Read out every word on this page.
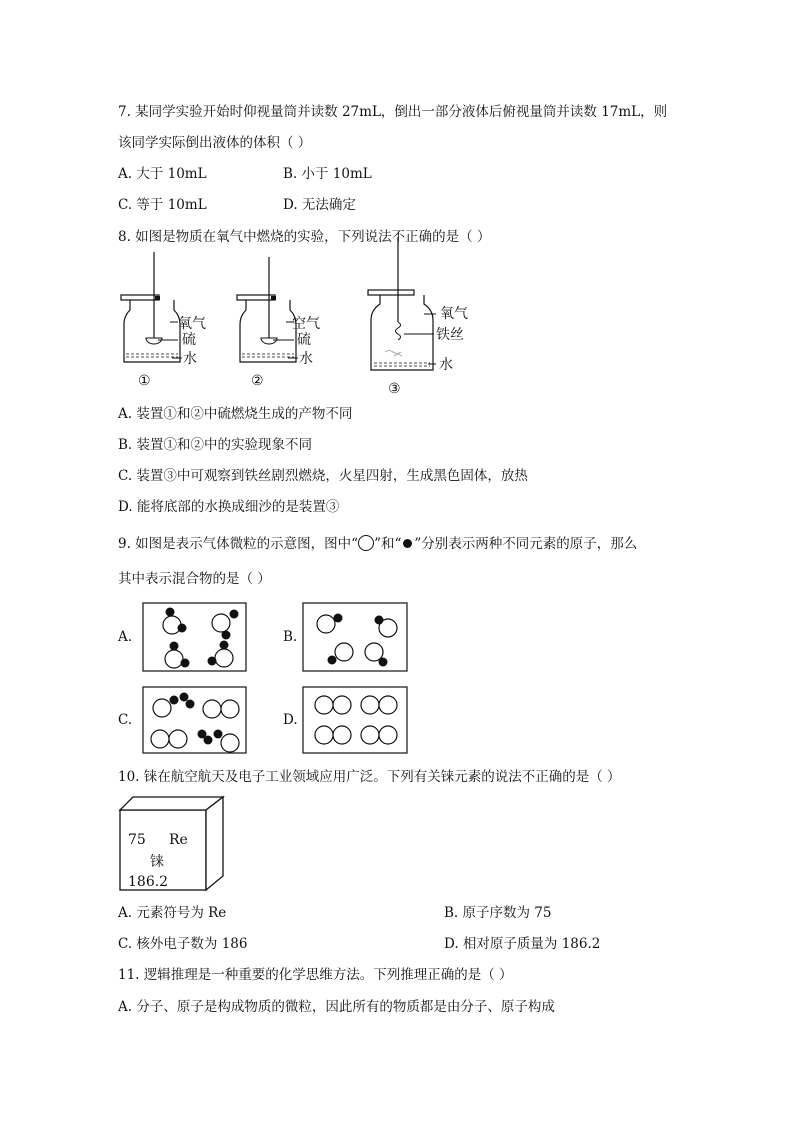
7. 某同学实验开始时仰视量筒并读数 27mL，倒出一部分液体后俯视量筒并读数 17mL，则
该同学实际倒出液体的体积（ ）
A. 大于 10mL	B. 小于 10mL
C. 等于 10mL	D. 无法确定
8. 如图是物质在氧气中燃烧的实验，下列说法不正确的是（ ）
氧气
硫
水
①
空气
硫
水
②
氧气
铁丝
水
③
A. 装置①和②中硫燃烧生成的产物不同
B. 装置①和②中的实验现象不同
C. 装置③中可观察到铁丝剧烈燃烧，火星四射，生成黑色固体，放热
D. 能将底部的水换成细沙的是装置③
9. 如图是表示气体微粒的示意图，图中“ ”和“ ”分别表示两种不同元素的原子，那么
其中表示混合物的是（ ）
A.	B.
C.	D.
10. 铼在航空航天及电子工业领域应用广泛。下列有关铼元素的说法不正确的是（ ）
75 Re
铼
186.2
A. 元素符号为 Re	B. 原子序数为 75
C. 核外电子数为 186	D. 相对原子质量为 186.2
11. 逻辑推理是一种重要的化学思维方法。下列推理正确的是（ ）
A. 分子、原子是构成物质的微粒，因此所有的物质都是由分子、原子构成
